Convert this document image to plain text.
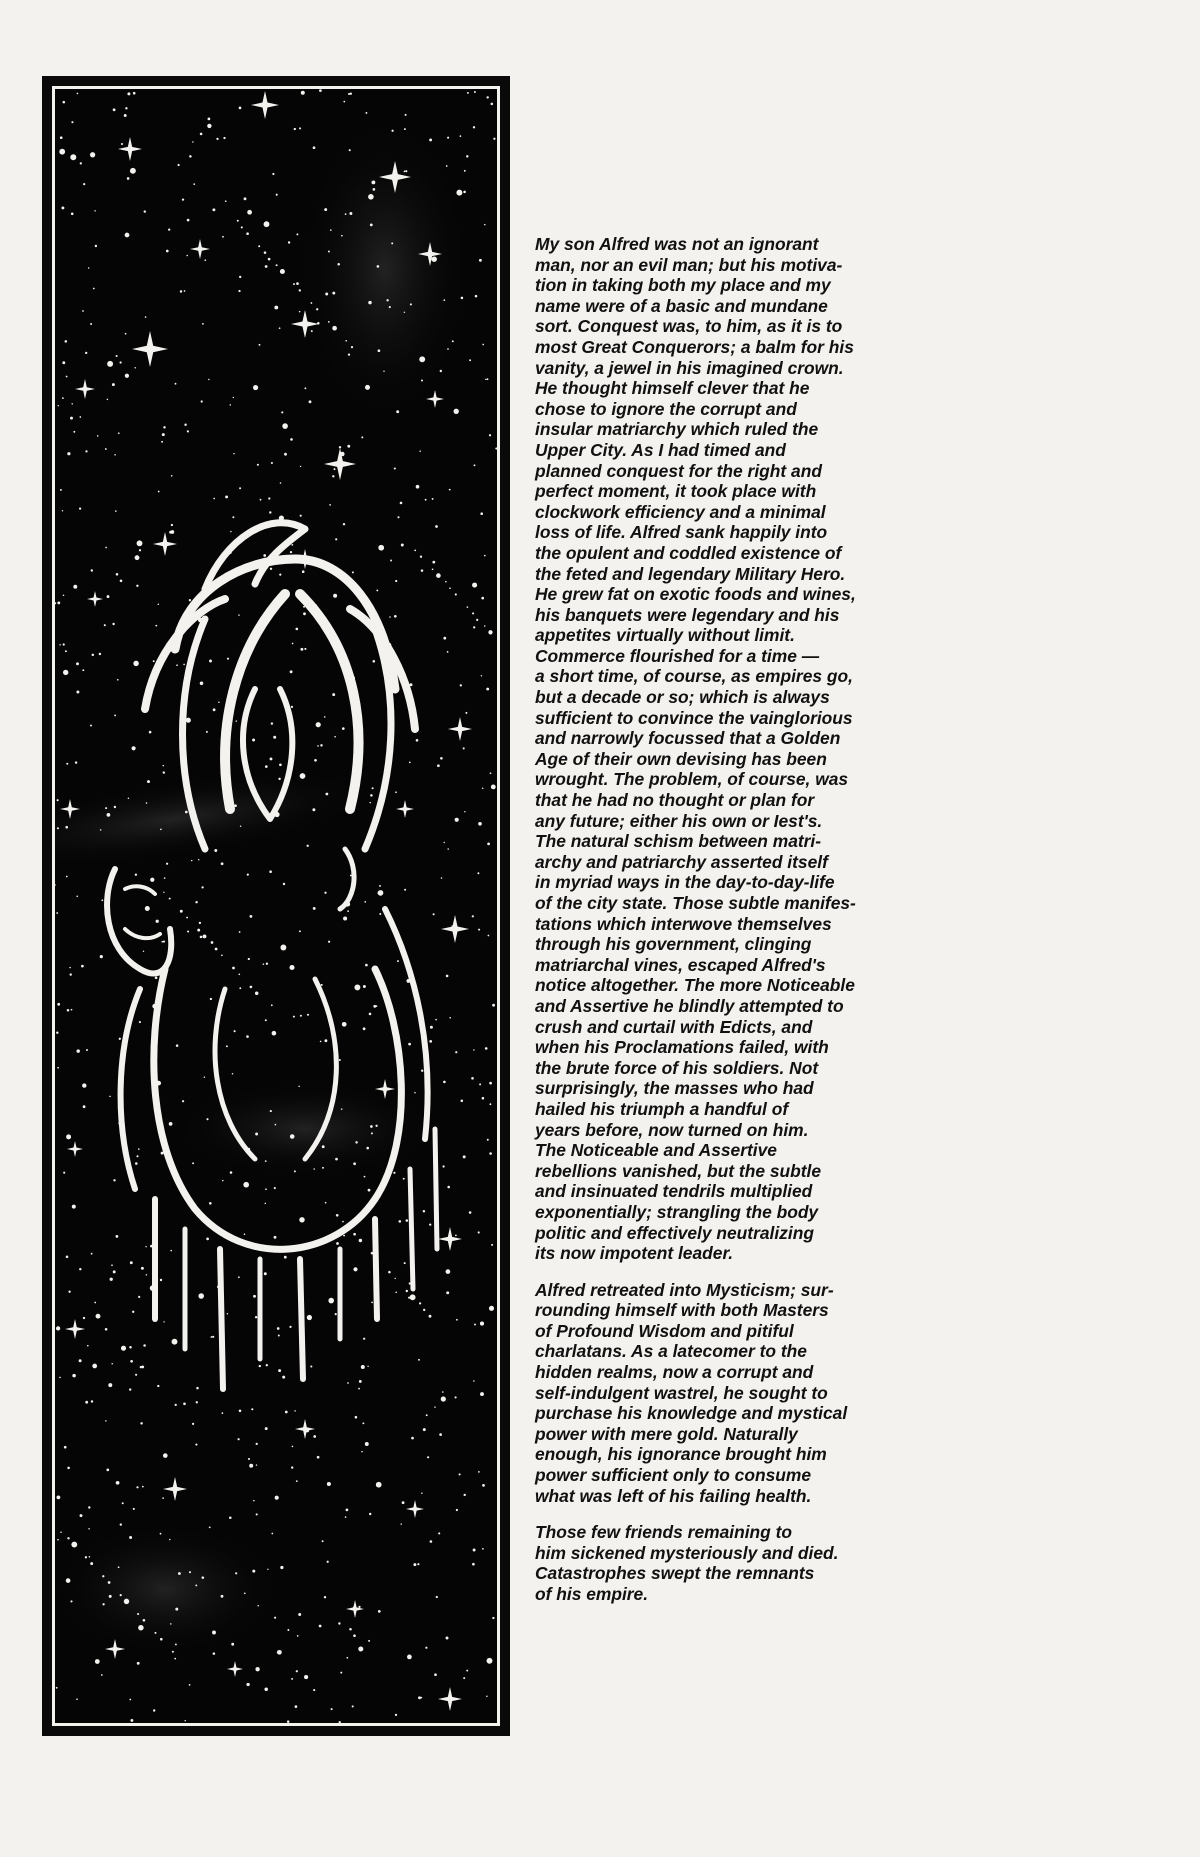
My son Alfred was not an ignorant
man, nor an evil man; but his motiva-
tion in taking both my place and my
name were of a basic and mundane
sort. Conquest was, to him, as it is to
most Great Conquerors; a balm for his
vanity, a jewel in his imagined crown.
He thought himself clever that he
chose to ignore the corrupt and
insular matriarchy which ruled the
Upper City. As I had timed and
planned conquest for the right and
perfect moment, it took place with
clockwork efficiency and a minimal
loss of life. Alfred sank happily into
the opulent and coddled existence of
the feted and legendary Military Hero.
He grew fat on exotic foods and wines,
his banquets were legendary and his
appetites virtually without limit.
Commerce flourished for a time —
a short time, of course, as empires go,
but a decade or so; which is always
sufficient to convince the vainglorious
and narrowly focussed that a Golden
Age of their own devising has been
wrought. The problem, of course, was
that he had no thought or plan for
any future; either his own or Iest's.
The natural schism between matri-
archy and patriarchy asserted itself
in myriad ways in the day-to-day-life
of the city state. Those subtle manifes-
tations which interwove themselves
through his government, clinging
matriarchal vines, escaped Alfred's
notice altogether. The more Noticeable
and Assertive he blindly attempted to
crush and curtail with Edicts, and
when his Proclamations failed, with
the brute force of his soldiers. Not
surprisingly, the masses who had
hailed his triumph a handful of
years before, now turned on him.
The Noticeable and Assertive
rebellions vanished, but the subtle
and insinuated tendrils multiplied
exponentially; strangling the body
politic and effectively neutralizing
its now impotent leader.

Alfred retreated into Mysticism; sur-
rounding himself with both Masters
of Profound Wisdom and pitiful
charlatans. As a latecomer to the
hidden realms, now a corrupt and
self-indulgent wastrel, he sought to
purchase his knowledge and mystical
power with mere gold. Naturally
enough, his ignorance brought him
power sufficient only to consume
what was left of his failing health.

Those few friends remaining to
him sickened mysteriously and died.
Catastrophes swept the remnants
of his empire.
